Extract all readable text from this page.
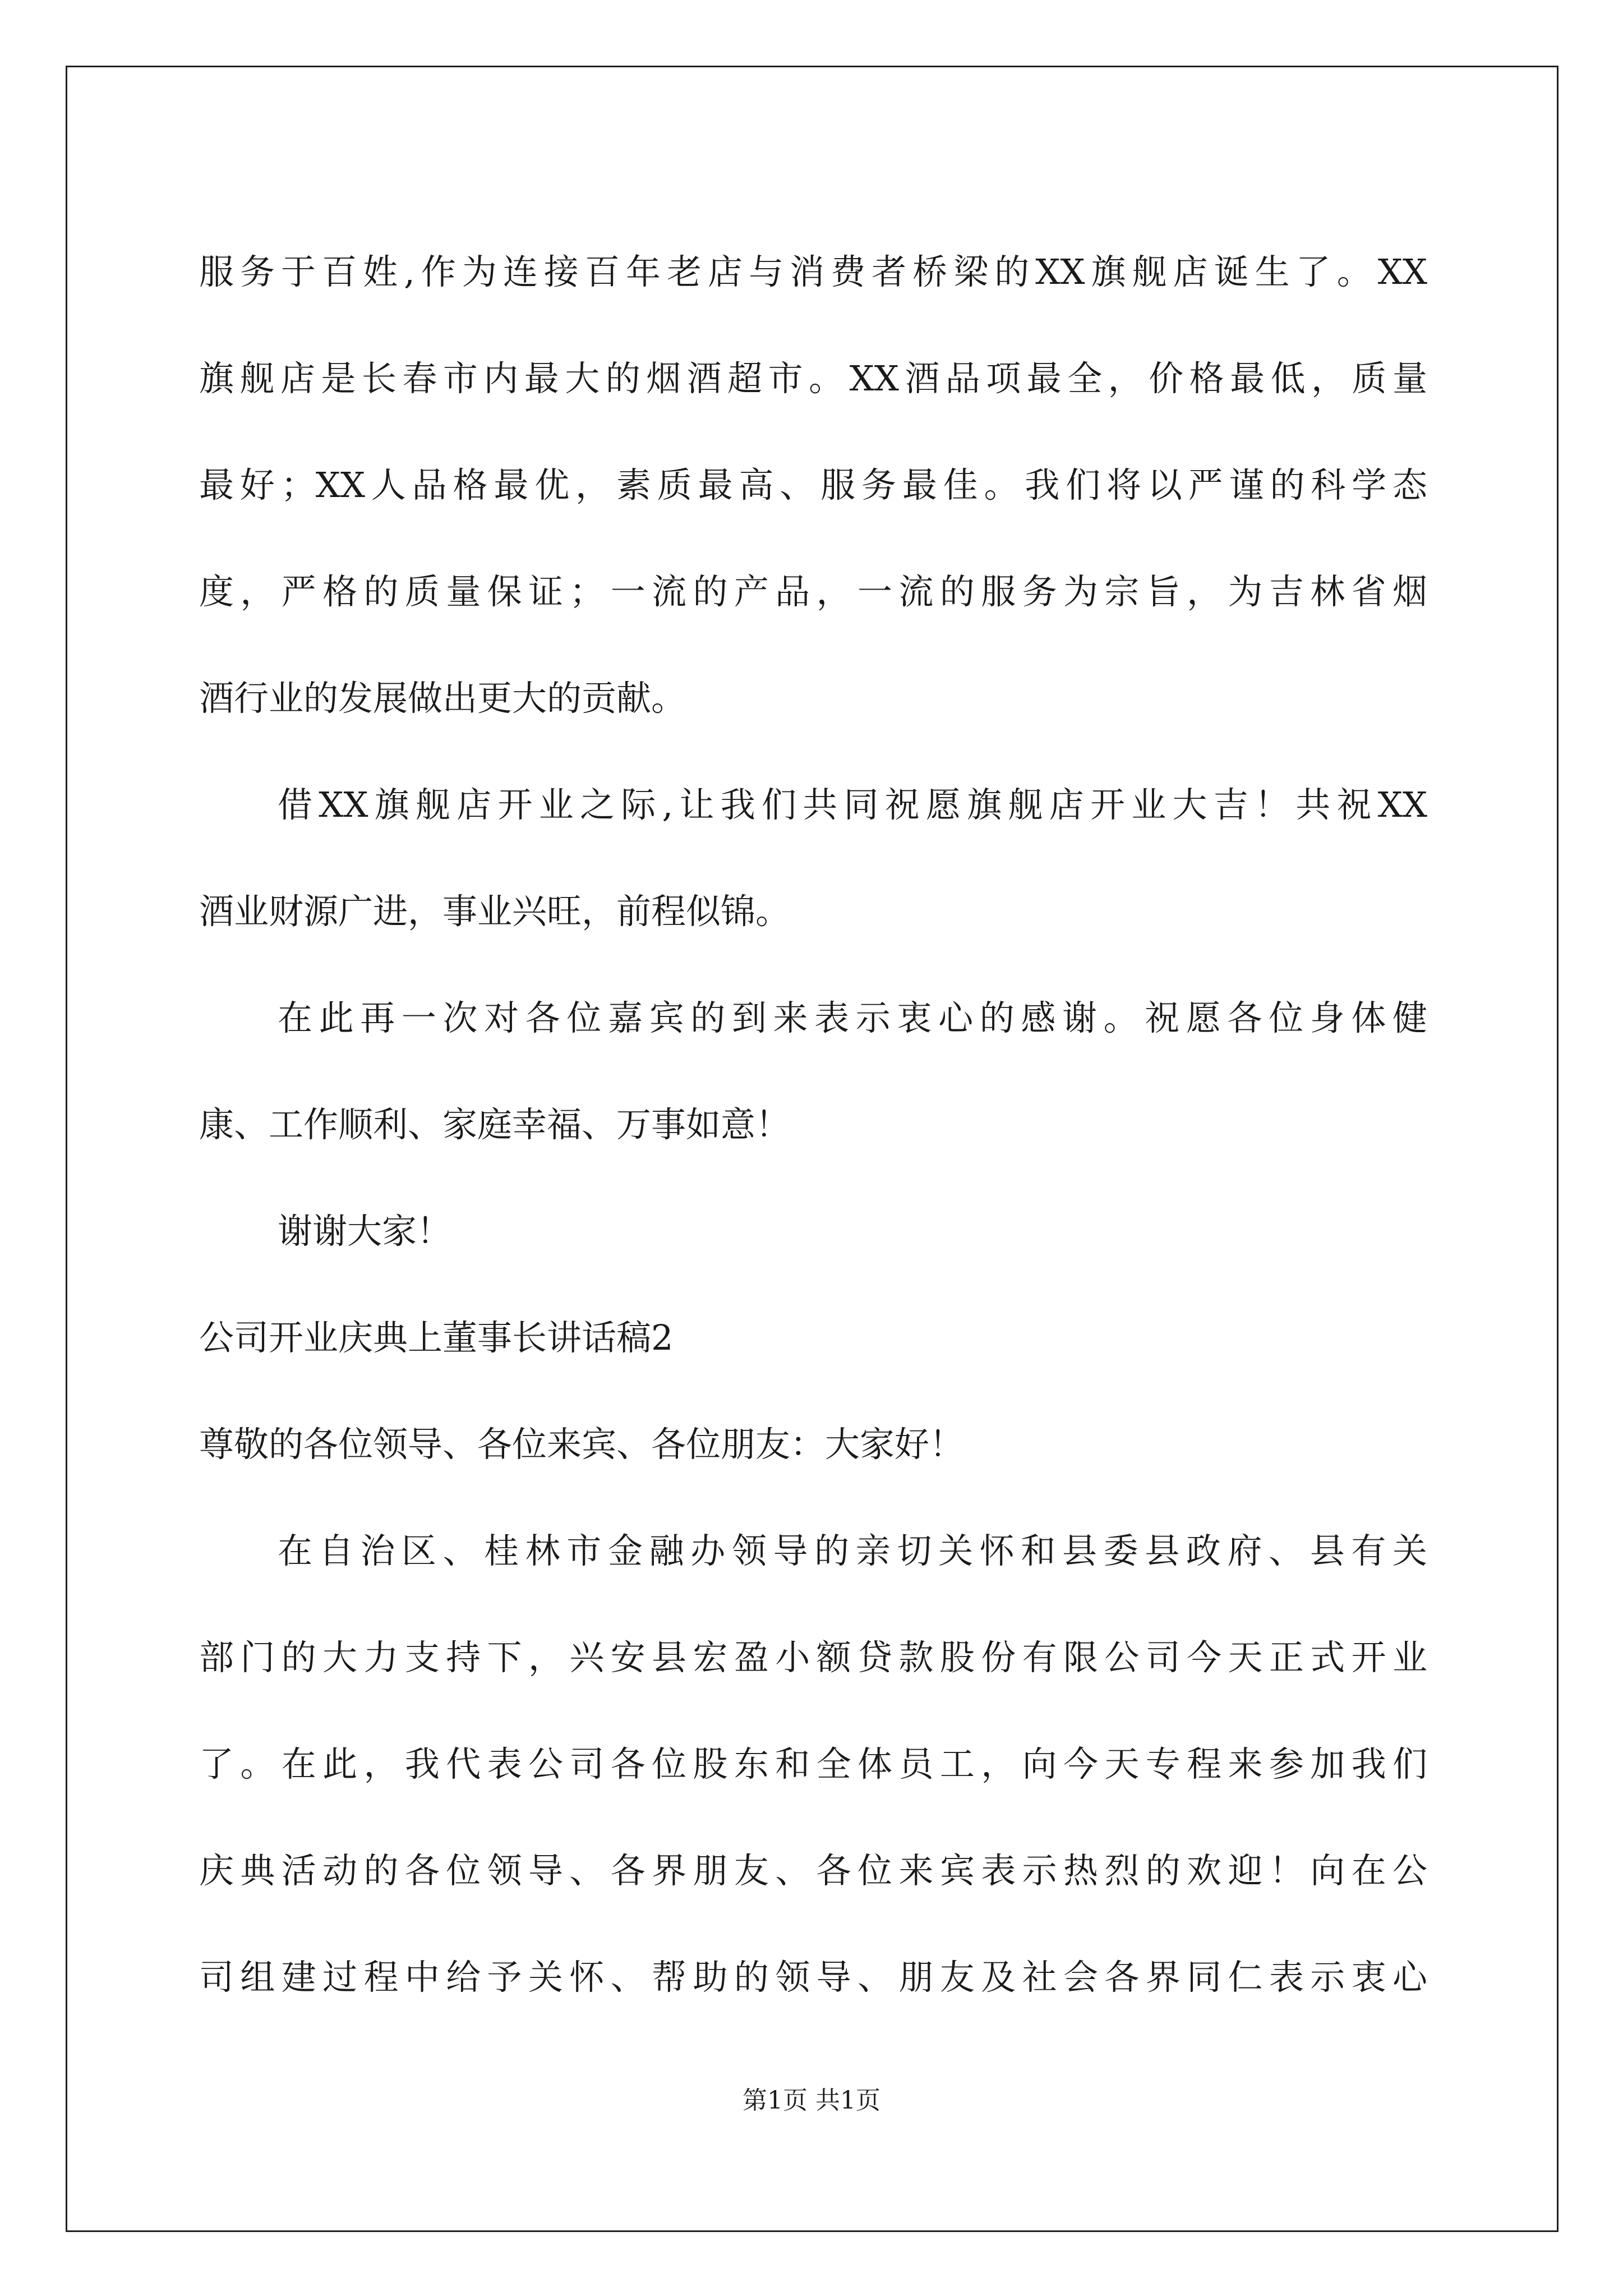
服务于百姓,作为连接百年老店与消费者桥梁的XX旗舰店诞生了。XX

旗舰店是长春市内最大的烟酒超市。XX酒品项最全，价格最低，质量

最好；XX人品格最优，素质最高、服务最佳。我们将以严谨的科学态

度，严格的质量保证；一流的产品，一流的服务为宗旨，为吉林省烟

酒行业的发展做出更大的贡献。

借XX旗舰店开业之际,让我们共同祝愿旗舰店开业大吉！共祝XX

酒业财源广进，事业兴旺，前程似锦。

在此再一次对各位嘉宾的到来表示衷心的感谢。祝愿各位身体健

康、工作顺利、家庭幸福、万事如意！

谢谢大家！

公司开业庆典上董事长讲话稿2

尊敬的各位领导、各位来宾、各位朋友：大家好！

在自治区、桂林市金融办领导的亲切关怀和县委县政府、县有关

部门的大力支持下，兴安县宏盈小额贷款股份有限公司今天正式开业

了。在此，我代表公司各位股东和全体员工，向今天专程来参加我们

庆典活动的各位领导、各界朋友、各位来宾表示热烈的欢迎！向在公

司组建过程中给予关怀、帮助的领导、朋友及社会各界同仁表示衷心

第1页 共1页
